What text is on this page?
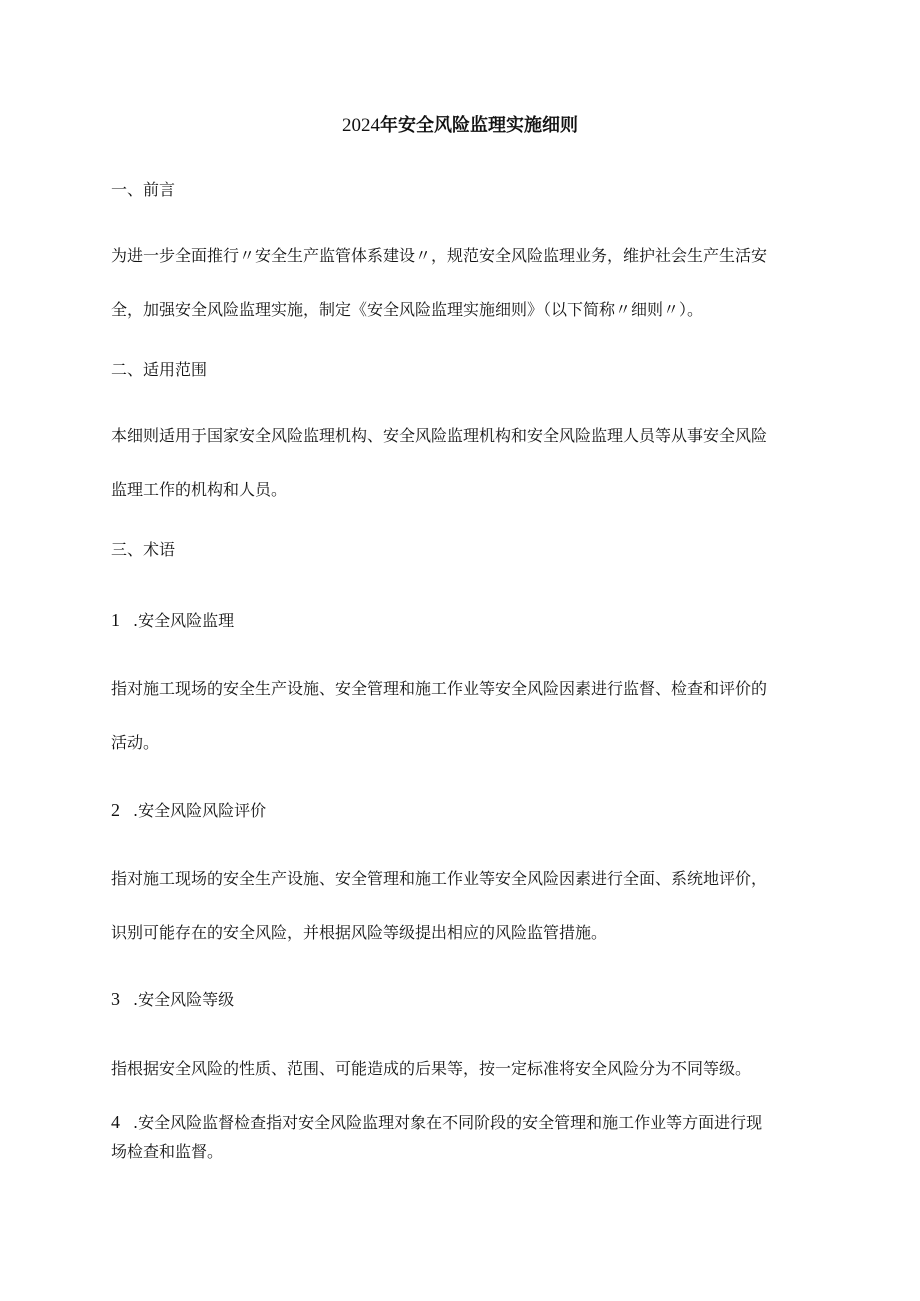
2024年安全风险监理实施细则
一、前言
为进一步全面推行〃安全生产监管体系建设〃，规范安全风险监理业务，维护社会生产生活安
全，加强安全风险监理实施，制定《安全风险监理实施细则》（以下简称〃细则〃）。
二、适用范围
本细则适用于国家安全风险监理机构、安全风险监理机构和安全风险监理人员等从事安全风险
监理工作的机构和人员。
三、术语
1 .安全风险监理
指对施工现场的安全生产设施、安全管理和施工作业等安全风险因素进行监督、检查和评价的
活动。
2 .安全风险风险评价
指对施工现场的安全生产设施、安全管理和施工作业等安全风险因素进行全面、系统地评价，
识别可能存在的安全风险，并根据风险等级提出相应的风险监管措施。
3 .安全风险等级
指根据安全风险的性质、范围、可能造成的后果等，按一定标准将安全风险分为不同等级。
4 .安全风险监督检查指对安全风险监理对象在不同阶段的安全管理和施工作业等方面进行现
场检查和监督。
